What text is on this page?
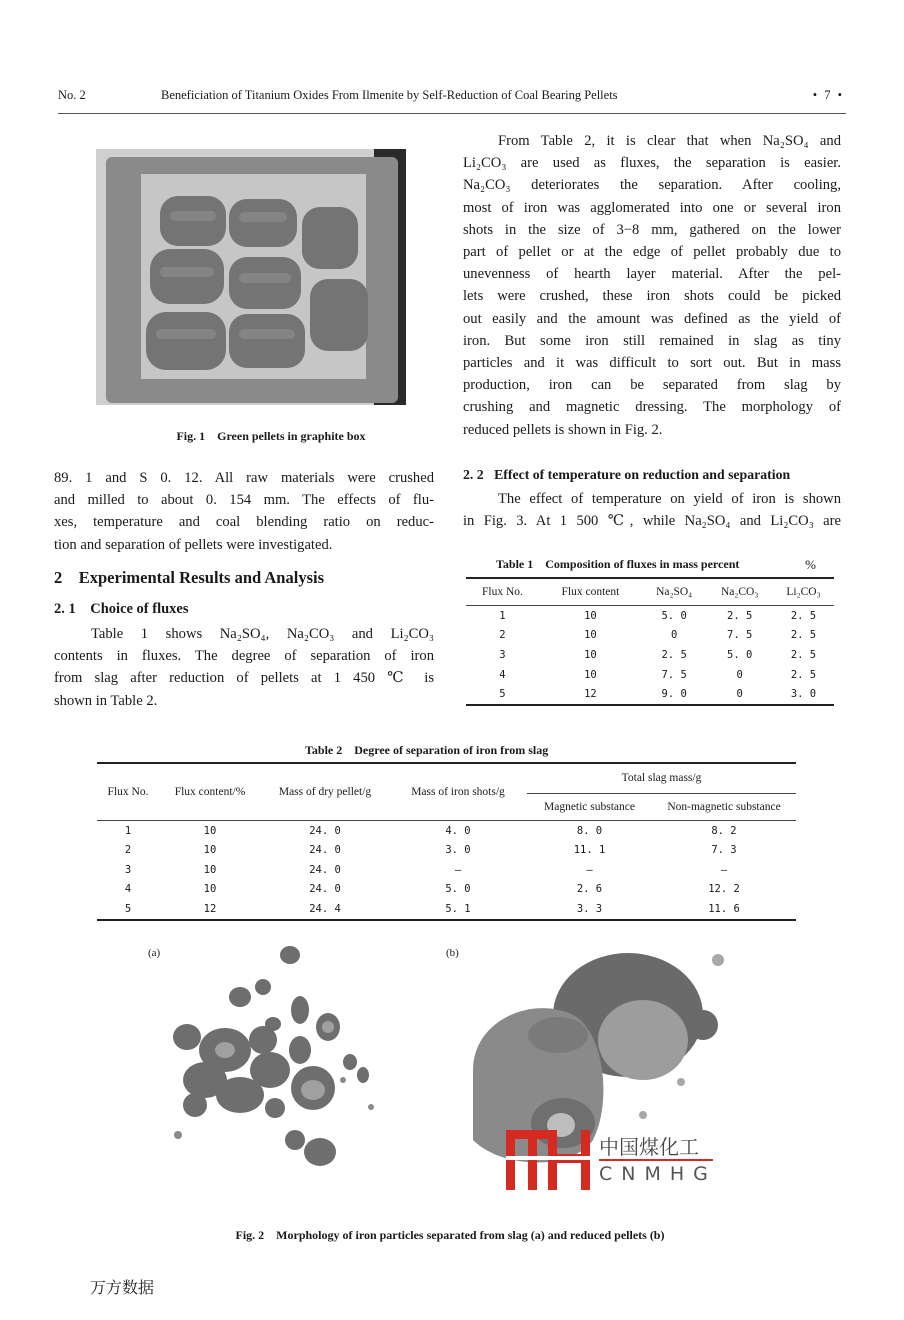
No. 2	Beneficiation of Titanium Oxides From Ilmenite by Self-Reduction of Coal Bearing Pellets	• 7 •
Fig. 1 Green pellets in graphite box
From Table 2, it is clear that when Na₂SO₄ and
Li₂CO₃ are used as fluxes, the separation is easier.
Na₂CO₃ deteriorates the separation. After cooling,
most of iron was agglomerated into one or several iron
shots in the size of 3−8 mm, gathered on the lower
part of pellet or at the edge of pellet probably due to
unevenness of hearth layer material. After the pel-
lets were crushed, these iron shots could be picked
out easily and the amount was defined as the yield of
iron. But some iron still remained in slag as tiny
particles and it was difficult to sort out. But in mass
production, iron can be separated from slag by
crushing and magnetic dressing. The morphology of
reduced pellets is shown in Fig. 2.
89. 1 and S 0. 12. All raw materials were crushed
and milled to about 0. 154 mm. The effects of flu-
xes, temperature and coal blending ratio on reduc-
tion and separation of pellets were investigated.
2 Experimental Results and Analysis
2. 1 Choice of fluxes
Table 1 shows Na₂SO₄, Na₂CO₃ and Li₂CO₃
contents in fluxes. The degree of separation of iron
from slag after reduction of pellets at 1 450 ℃ is
shown in Table 2.
2. 2 Effect of temperature on reduction and separation
The effect of temperature on yield of iron is shown
in Fig. 3. At 1 500 ℃, while Na₂SO₄ and Li₂CO₃ are
Table 1 Composition of fluxes in mass percent	%
Flux No.	Flux content	Na₂SO₄	Na₂CO₃	Li₂CO₃
1	10	5. 0	2. 5	2. 5
2	10	0	7. 5	2. 5
3	10	2. 5	5. 0	2. 5
4	10	7. 5	0	2. 5
5	12	9. 0	0	3. 0
Table 2 Degree of separation of iron from slag
Flux No.	Flux content/%	Mass of dry pellet/g	Mass of iron shots/g	Total slag mass/g	
				Magnetic substance	Non-magnetic substance
1	10	24. 0	4. 0	8. 0	8. 2
2	10	24. 0	3. 0	11. 1	7. 3
3	10	24. 0	—	—	—
4	10	24. 0	5. 0	2. 6	12. 2
5	12	24. 4	5. 1	3. 3	11. 6
(a)	(b)
中国煤化工
CNMHG
Fig. 2 Morphology of iron particles separated from slag (a) and reduced pellets (b)
万方数据
